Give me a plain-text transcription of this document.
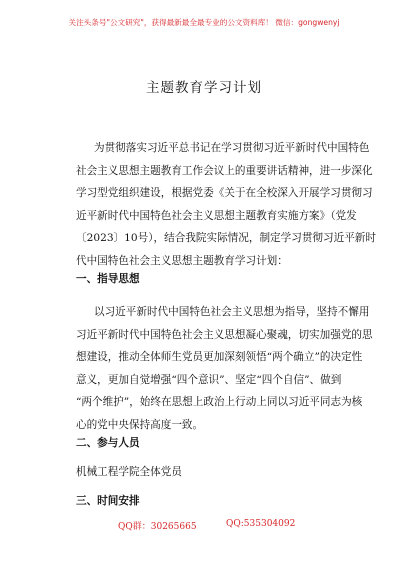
关注头条号"公文研究"，获得最新最全最专业的公文资料库！ 微信：gongwenyj
主题教育学习计划

为贯彻落实习近平总书记在学习贯彻习近平新时代中国特色
社会主义思想主题教育工作会议上的重要讲话精神，进一步深化
学习型党组织建设，根据党委《关于在全校深入开展学习贯彻习
近平新时代中国特色社会主义思想主题教育实施方案》（党发
〔2023〕10号），结合我院实际情况，制定学习贯彻习近平新时
代中国特色社会主义思想主题教育学习计划：

一、指导思想

以习近平新时代中国特色社会主义思想为指导，坚持不懈用
习近平新时代中国特色社会主义思想凝心聚魂，切实加强党的思
想建设，推动全体师生党员更加深刻领悟“两个确立”的决定性
意义，更加自觉增强“四个意识”、坚定“四个自信”、做到
“两个维护”，始终在思想上政治上行动上同以习近平同志为核
心的党中央保持高度一致。

二、参与人员
机械工程学院全体党员
三、时间安排
QQ群：30265665	QQ:535304092
